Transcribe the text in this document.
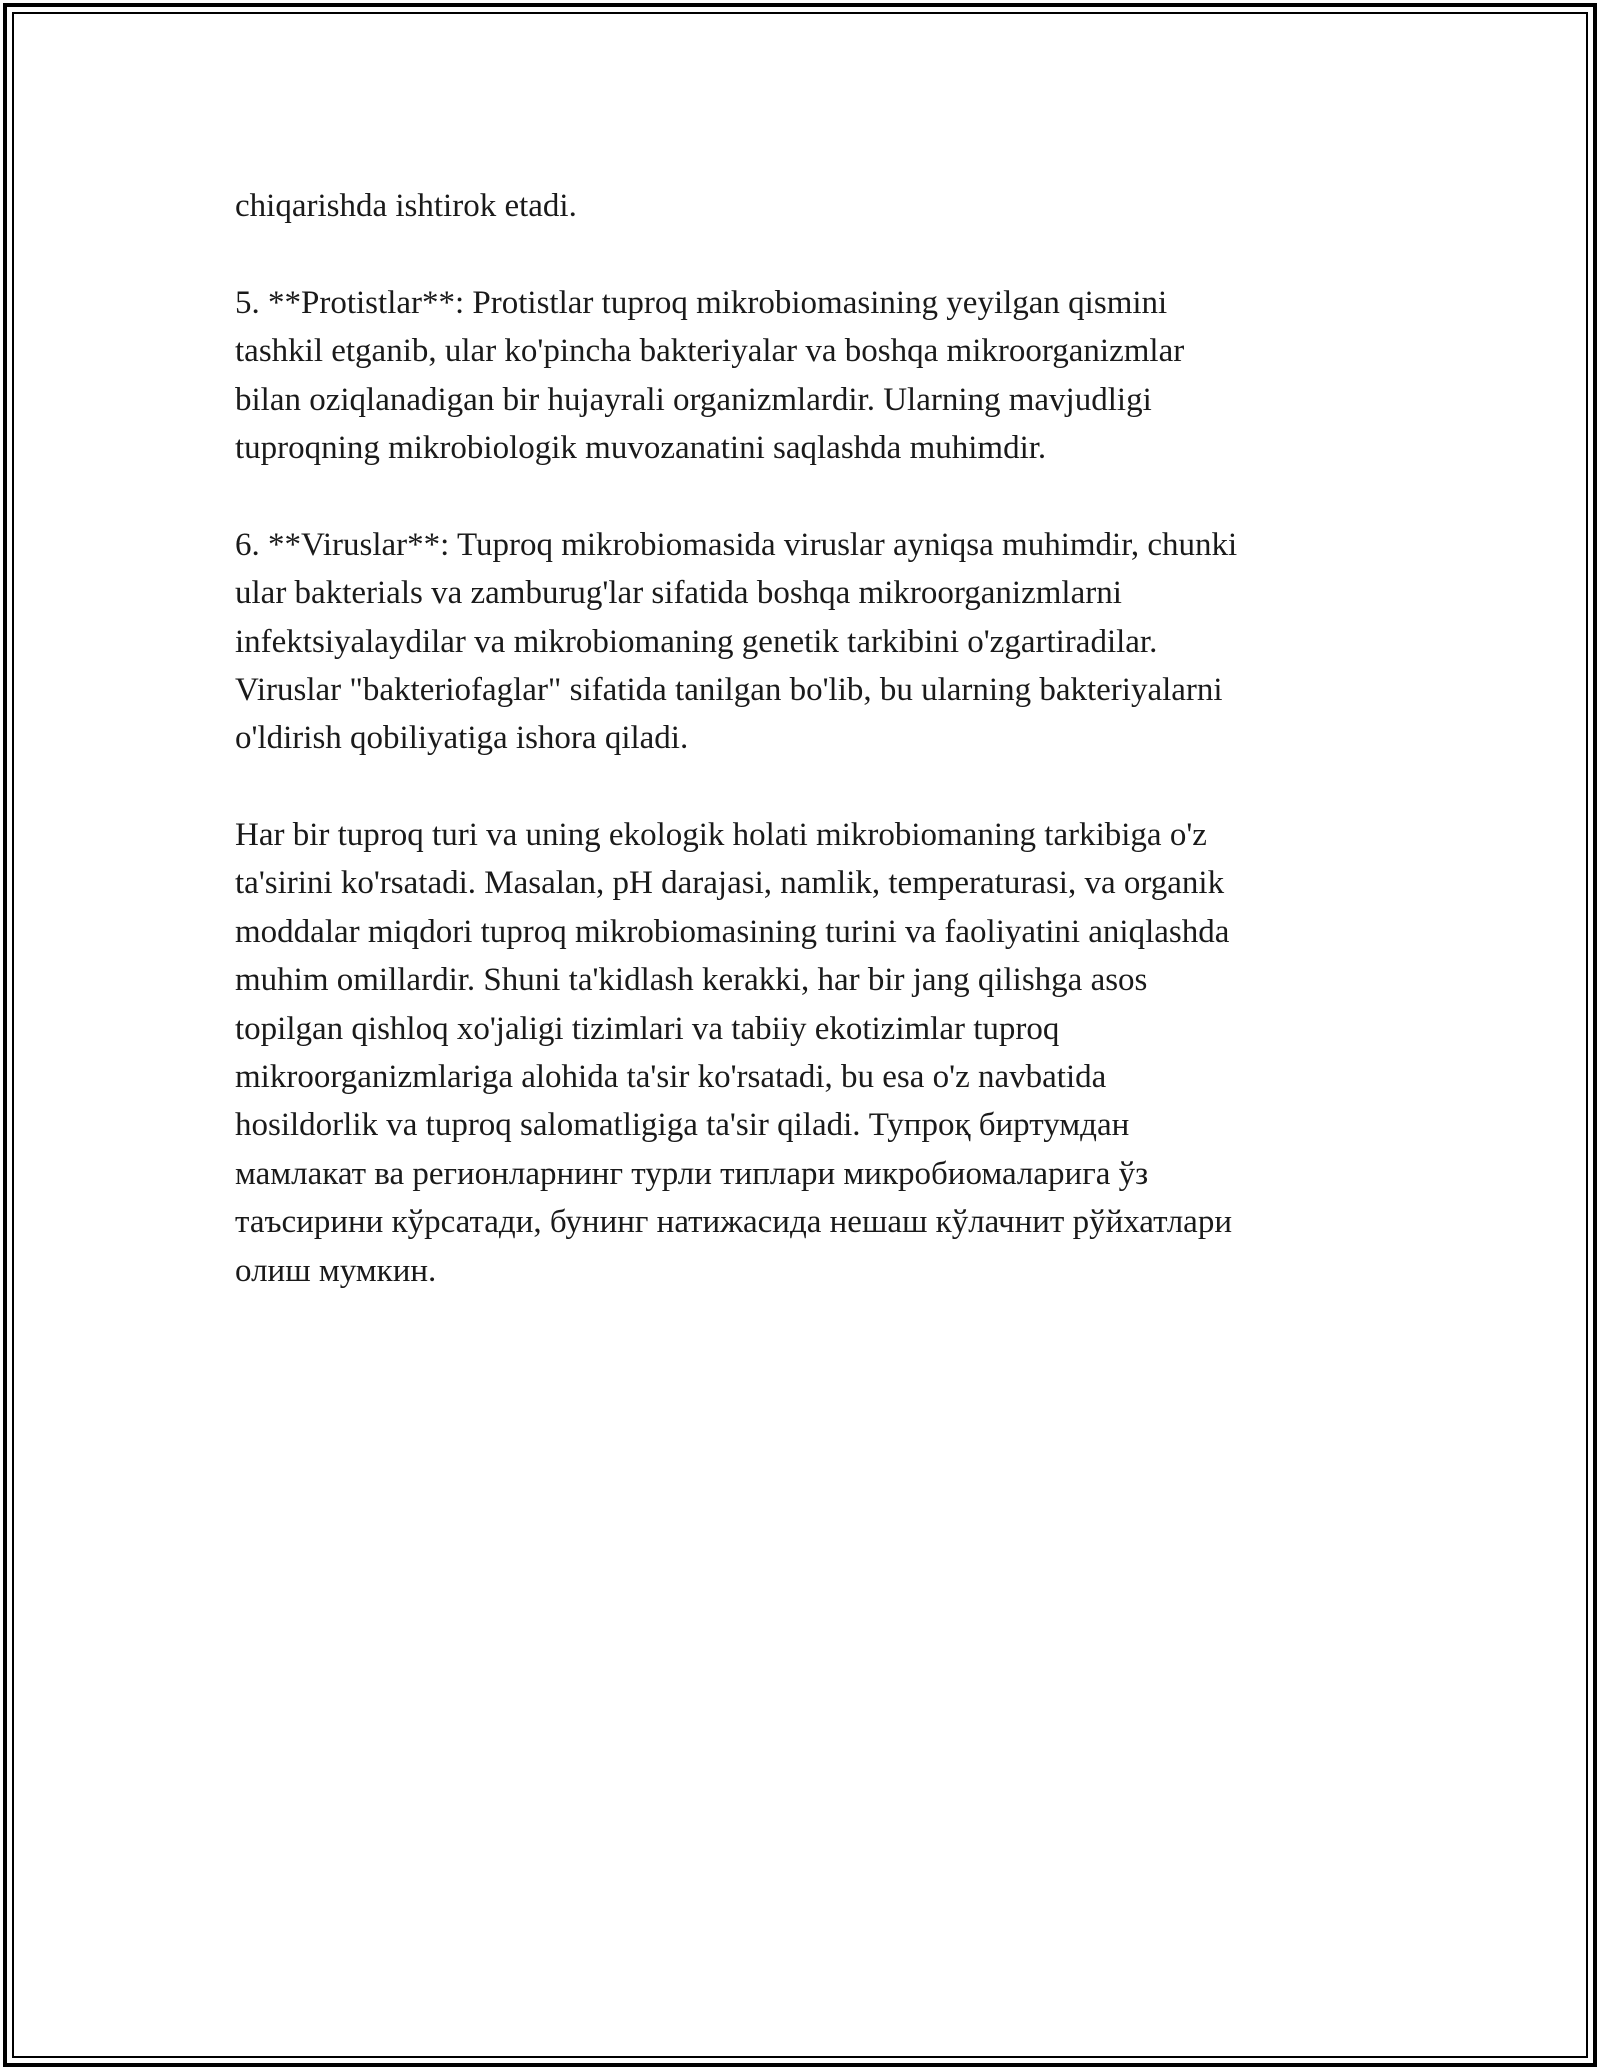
chiqarishda ishtirok etadi.
5. **Protistlar**: Protistlar tuproq mikrobiomasining yeyilgan qismini
tashkil etganib, ular ko'pincha bakteriyalar va boshqa mikroorganizmlar
bilan oziqlanadigan bir hujayrali organizmlardir. Ularning mavjudligi
tuproqning mikrobiologik muvozanatini saqlashda muhimdir.
6. **Viruslar**: Tuproq mikrobiomasida viruslar ayniqsa muhimdir, chunki
ular bakterials va zamburug'lar sifatida boshqa mikroorganizmlarni
infektsiyalaydilar va mikrobiomaning genetik tarkibini o'zgartiradilar.
Viruslar "bakteriofaglar" sifatida tanilgan bo'lib, bu ularning bakteriyalarni
o'ldirish qobiliyatiga ishora qiladi.
Har bir tuproq turi va uning ekologik holati mikrobiomaning tarkibiga o'z
ta'sirini ko'rsatadi. Masalan, pH darajasi, namlik, temperaturasi, va organik
moddalar miqdori tuproq mikrobiomasining turini va faoliyatini aniqlashda
muhim omillardir. Shuni ta'kidlash kerakki, har bir jang qilishga asos
topilgan qishloq xo'jaligi tizimlari va tabiiy ekotizimlar tuproq
mikroorganizmlariga alohida ta'sir ko'rsatadi, bu esa o'z navbatida
hosildorlik va tuproq salomatligiga ta'sir qiladi. Тупроқ биртумдан
мамлакат ва регионларнинг турли типлари микробиомаларига ўз
таъсирини кўрсатади, бунинг натижасида нешаш кўлачнит рўйхатлари
олиш мумкин.
